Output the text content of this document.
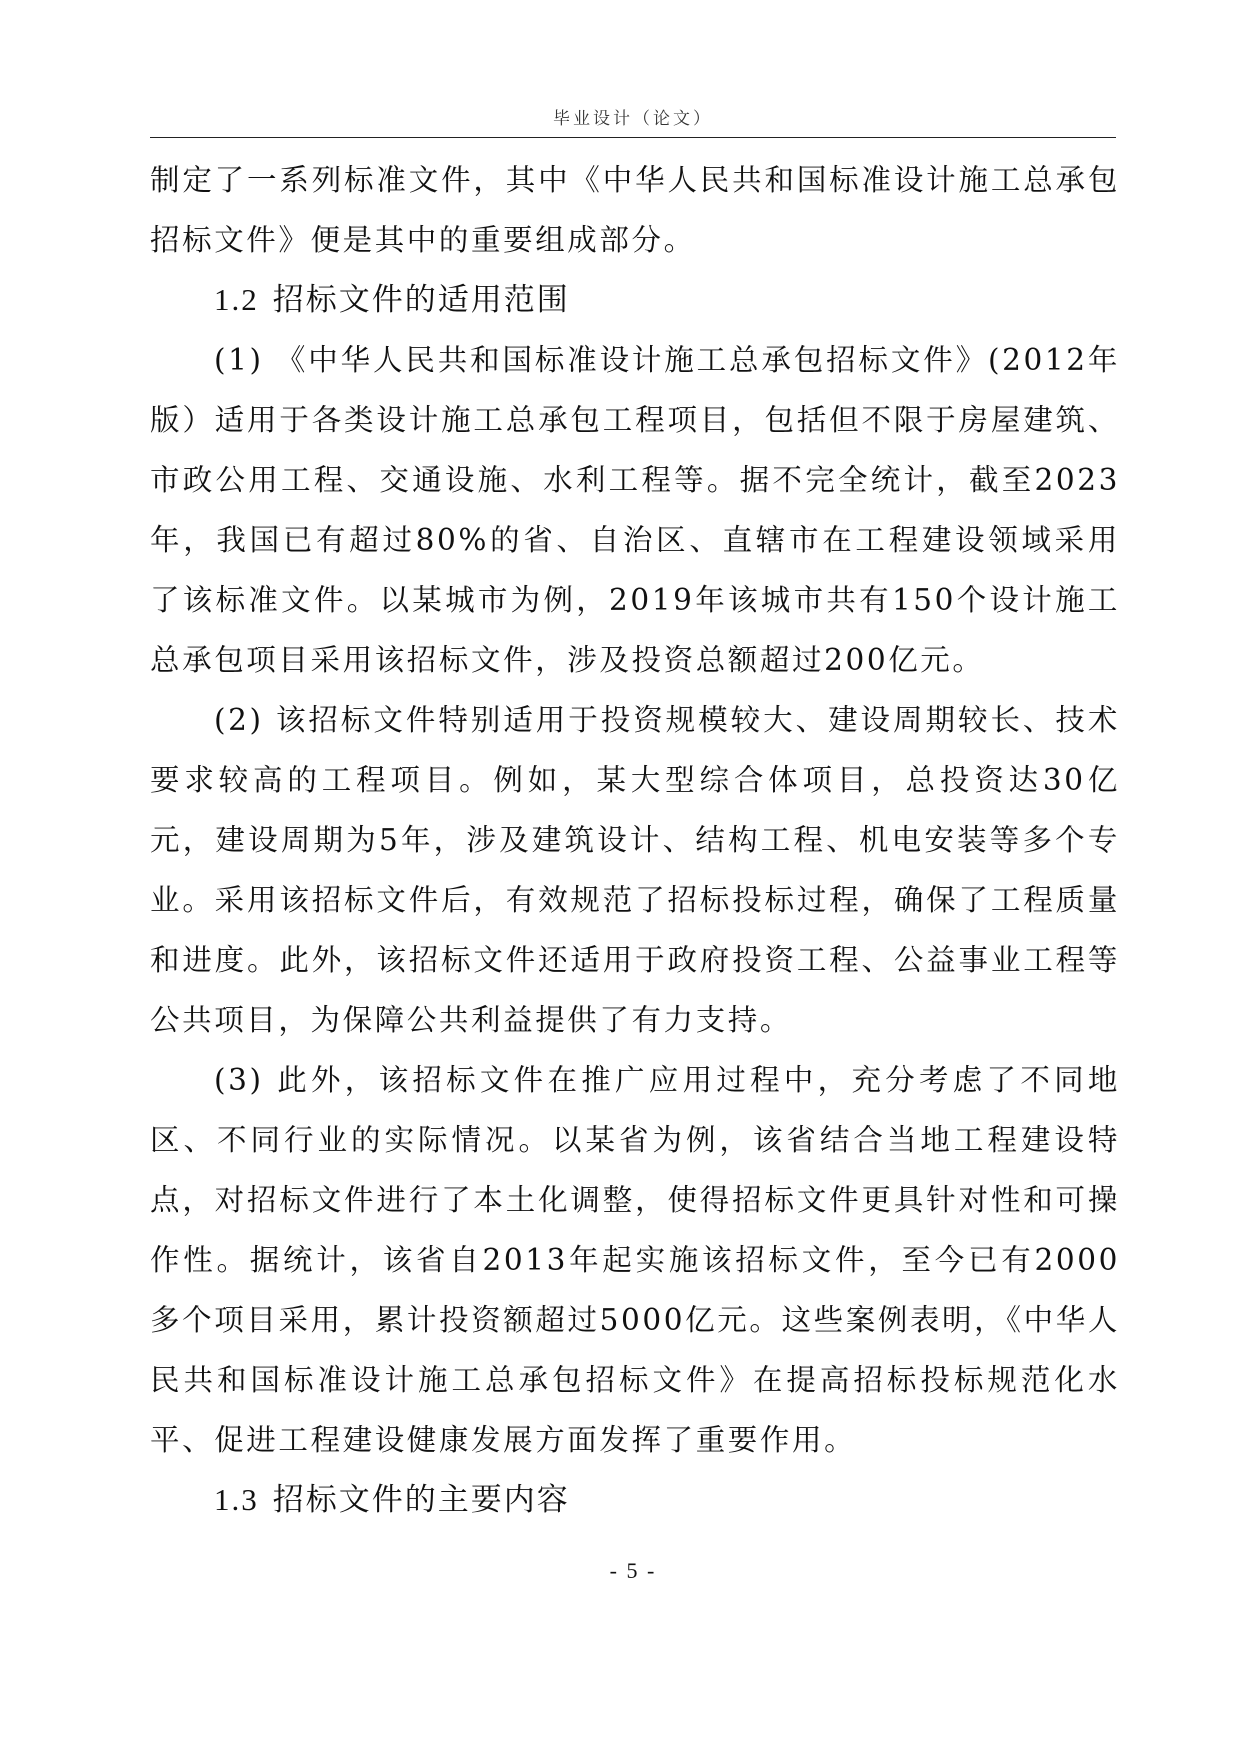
毕业设计（论文）

制定了一系列标准文件，其中《中华人民共和国标准设计施工总承包招标文件》便是其中的重要组成部分。

1.2 招标文件的适用范围

(1) 《中华人民共和国标准设计施工总承包招标文件》(2012年版）适用于各类设计施工总承包工程项目，包括但不限于房屋建筑、市政公用工程、交通设施、水利工程等。据不完全统计，截至2023年，我国已有超过80%的省、自治区、直辖市在工程建设领域采用了该标准文件。以某城市为例，2019年该城市共有150个设计施工总承包项目采用该招标文件，涉及投资总额超过200亿元。

(2) 该招标文件特别适用于投资规模较大、建设周期较长、技术要求较高的工程项目。例如，某大型综合体项目，总投资达30亿元，建设周期为5年，涉及建筑设计、结构工程、机电安装等多个专业。采用该招标文件后，有效规范了招标投标过程，确保了工程质量和进度。此外，该招标文件还适用于政府投资工程、公益事业工程等公共项目，为保障公共利益提供了有力支持。

(3) 此外，该招标文件在推广应用过程中，充分考虑了不同地区、不同行业的实际情况。以某省为例，该省结合当地工程建设特点，对招标文件进行了本土化调整，使得招标文件更具针对性和可操作性。据统计，该省自2013年起实施该招标文件，至今已有2000多个项目采用，累计投资额超过5000亿元。这些案例表明，《中华人民共和国标准设计施工总承包招标文件》在提高招标投标规范化水平、促进工程建设健康发展方面发挥了重要作用。

1.3 招标文件的主要内容
- 5 -
